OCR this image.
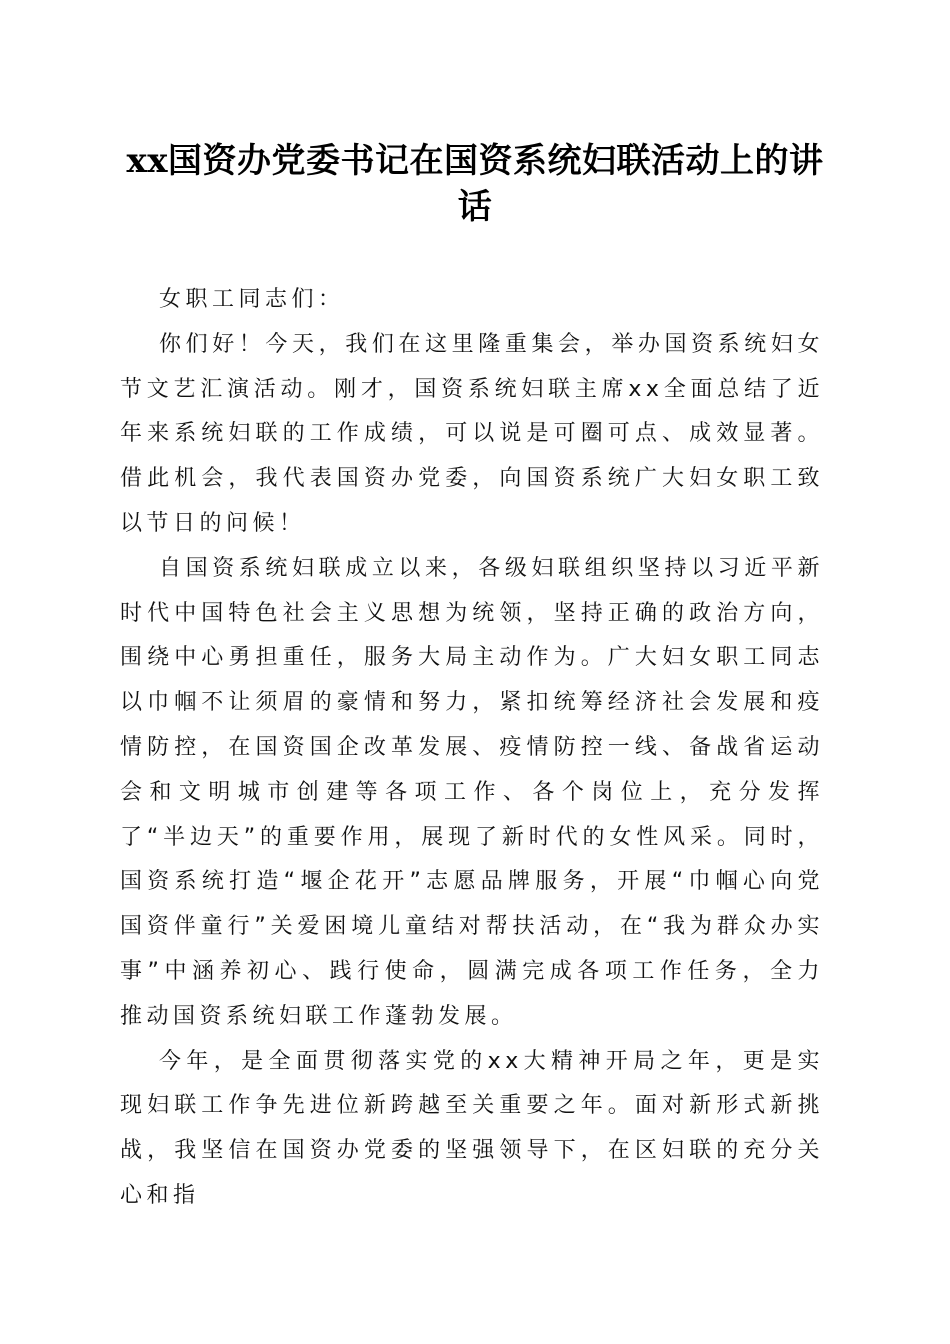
xx国资办党委书记在国资系统妇联活动上的讲话

女职工同志们：

你们好！今天，我们在这里隆重集会，举办国资系统妇女节文艺汇演活动。刚才，国资系统妇联主席xx全面总结了近年来系统妇联的工作成绩，可以说是可圈可点、成效显著。借此机会，我代表国资办党委，向国资系统广大妇女职工致以节日的问候！

自国资系统妇联成立以来，各级妇联组织坚持以习近平新时代中国特色社会主义思想为统领，坚持正确的政治方向，围绕中心勇担重任，服务大局主动作为。广大妇女职工同志以巾帼不让须眉的豪情和努力，紧扣统筹经济社会发展和疫情防控，在国资国企改革发展、疫情防控一线、备战省运动会和文明城市创建等各项工作、各个岗位上，充分发挥了“半边天”的重要作用，展现了新时代的女性风采。同时，国资系统打造“堰企花开”志愿品牌服务，开展“巾帼心向党国资伴童行”关爱困境儿童结对帮扶活动，在“我为群众办实事”中涵养初心、践行使命，圆满完成各项工作任务，全力推动国资系统妇联工作蓬勃发展。

今年，是全面贯彻落实党的xx大精神开局之年，更是实现妇联工作争先进位新跨越至关重要之年。面对新形式新挑战，我坚信在国资办党委的坚强领导下，在区妇联的充分关心和指
